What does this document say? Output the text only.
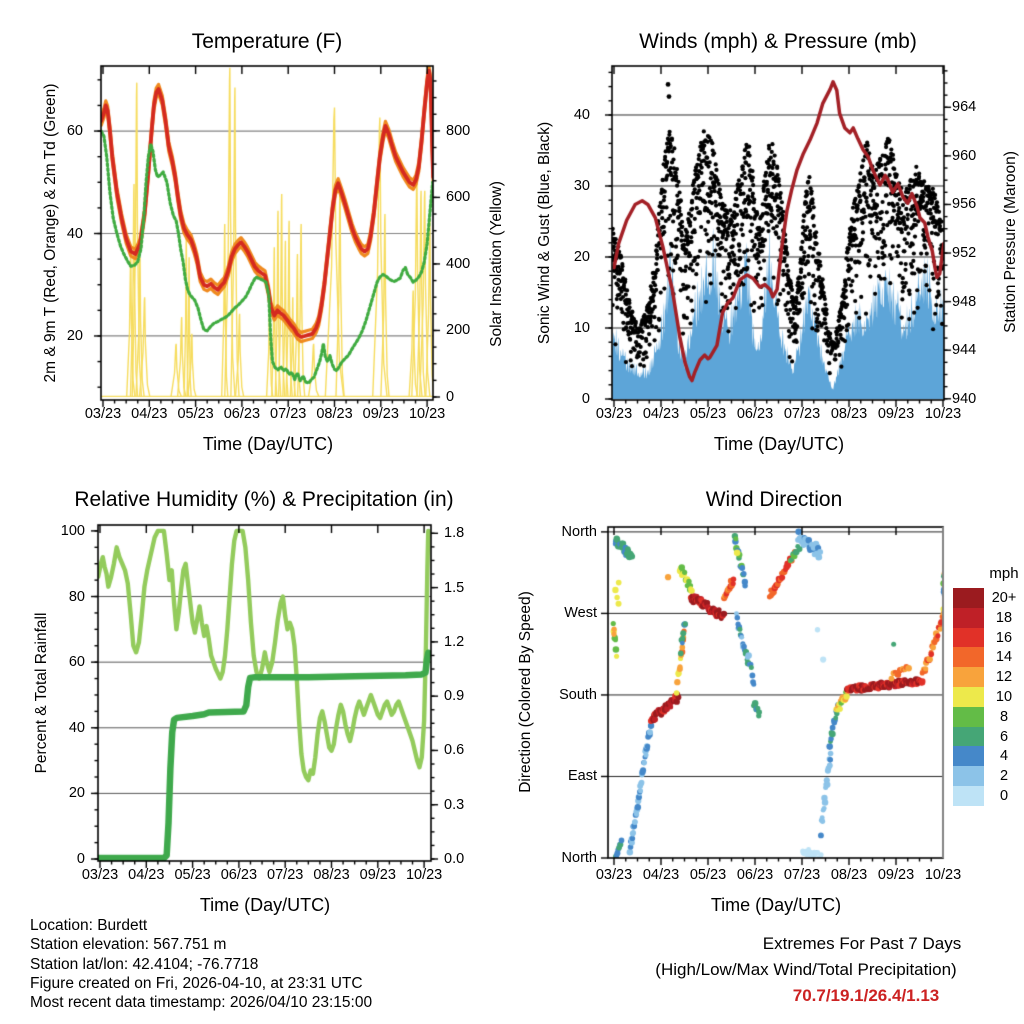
Temperature (F)	Winds (mph) & Pressure (mb)
Relative Humidity (%) & Precipitation (in)	Wind Direction
Time (Day/UTC)	Time (Day/UTC)
Time (Day/UTC)	Time (Day/UTC)
2m & 9m T (Red, Orange) & 2m Td (Green)	Solar Insolation (Yellow) Sonic Wind & Gust (Blue, Black)	Station Pressure (Maroon)
Percent & Total Rainfall	Direction (Colored By Speed)
mph
20
40
60
0
200
400
600
800
03/23 04/23 05/23 06/23 07/23 08/23 09/23 10/23
0
10
20
30
40
940
944
948
952
956
960
964
03/23 04/23 05/23 06/23 07/23 08/23 09/23 10/23
0
20
40
60
80
100
0.0
0.3
0.6
0.9
1.2
1.5
1.8
03/23 04/23 05/23 06/23 07/23 08/23 09/23 10/23
North
West
South
East
North
03/23 04/23 05/23 06/23 07/23 08/23 09/23 10/23
20+
18
16
14
12
10
8
6
4
2
0
Location: Burdett
Station elevation: 567.751 m
Station lat/lon: 42.4104; -76.7718
Figure created on Fri, 2026-04-10, at 23:31 UTC
Most recent data timestamp: 2026/04/10 23:15:00
Extremes For Past 7 Days
(High/Low/Max Wind/Total Precipitation)
70.7/19.1/26.4/1.13
